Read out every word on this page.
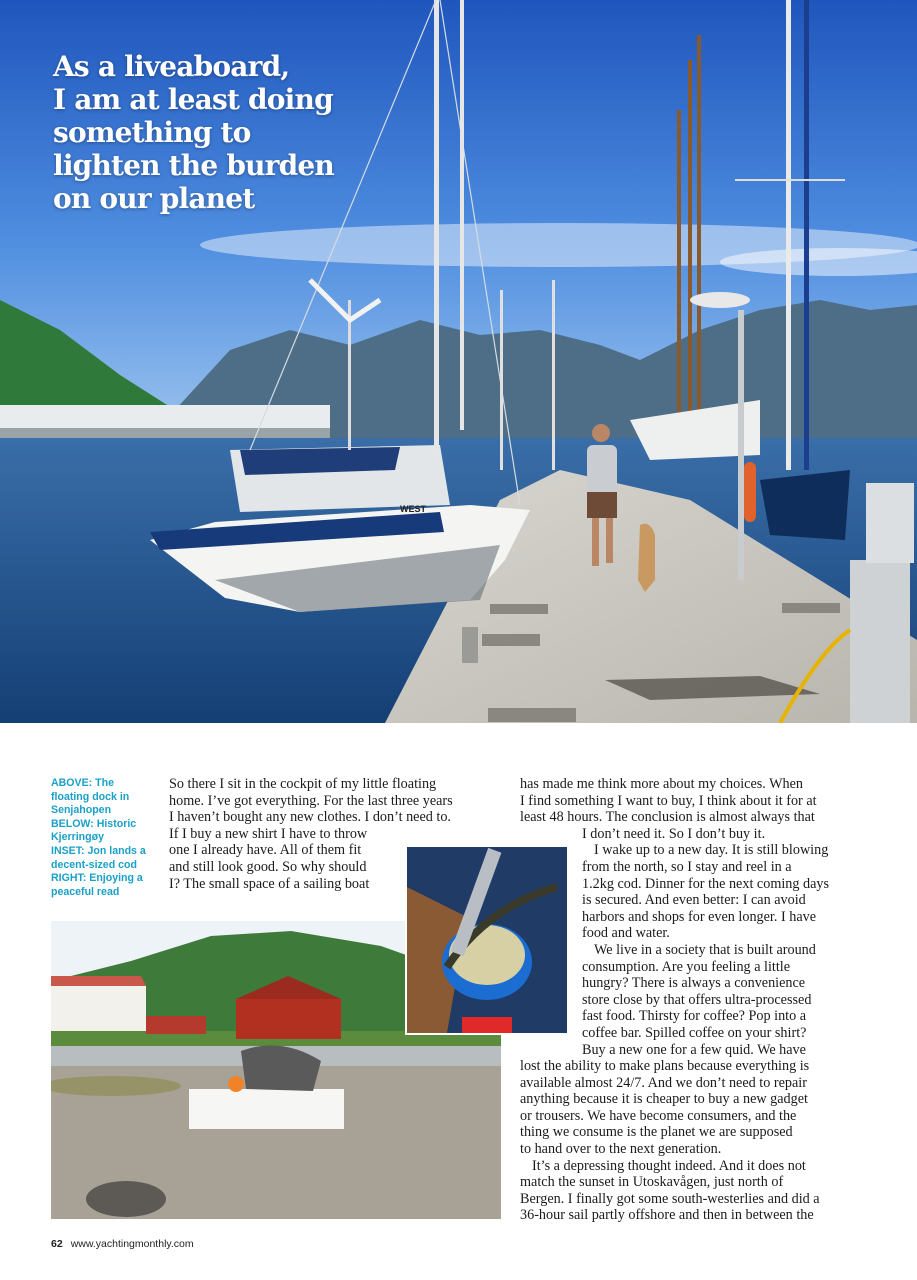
WEST
As a liveaboard,
I am at least doing
something to
lighten the burden
on our planet
ABOVE: The
floating dock in
Senjahopen
BELOW: Historic
Kjerringøy
INSET: Jon lands a
decent-sized cod
RIGHT: Enjoying a
peaceful read
So there I sit in the cockpit of my little floating
home. I’ve got everything. For the last three years
I haven’t bought any new clothes. I don’t need to.
If I buy a new shirt I have to throw
one I already have. All of them fit
and still look good. So why should
I? The small space of a sailing boat
has made me think more about my choices. When
I find something I want to buy, I think about it for at
least 48 hours. The conclusion is almost always that
I don’t need it. So I don’t buy it.
I wake up to a new day. It is still blowing
from the north, so I stay and reel in a
1.2kg cod. Dinner for the next coming days
is secured. And even better: I can avoid
harbors and shops for even longer. I have
food and water.
We live in a society that is built around
consumption. Are you feeling a little
hungry? There is always a convenience
store close by that offers ultra-processed
fast food. Thirsty for coffee? Pop into a
coffee bar. Spilled coffee on your shirt?
Buy a new one for a few quid. We have
lost the ability to make plans because everything is
available almost 24/7. And we don’t need to repair
anything because it is cheaper to buy a new gadget
or trousers. We have become consumers, and the
thing we consume is the planet we are supposed
to hand over to the next generation.
It’s a depressing thought indeed. And it does not
match the sunset in Utoskavågen, just north of
Bergen. I finally got some south-westerlies and did a
36-hour sail partly offshore and then in between the
62 www.yachtingmonthly.com
